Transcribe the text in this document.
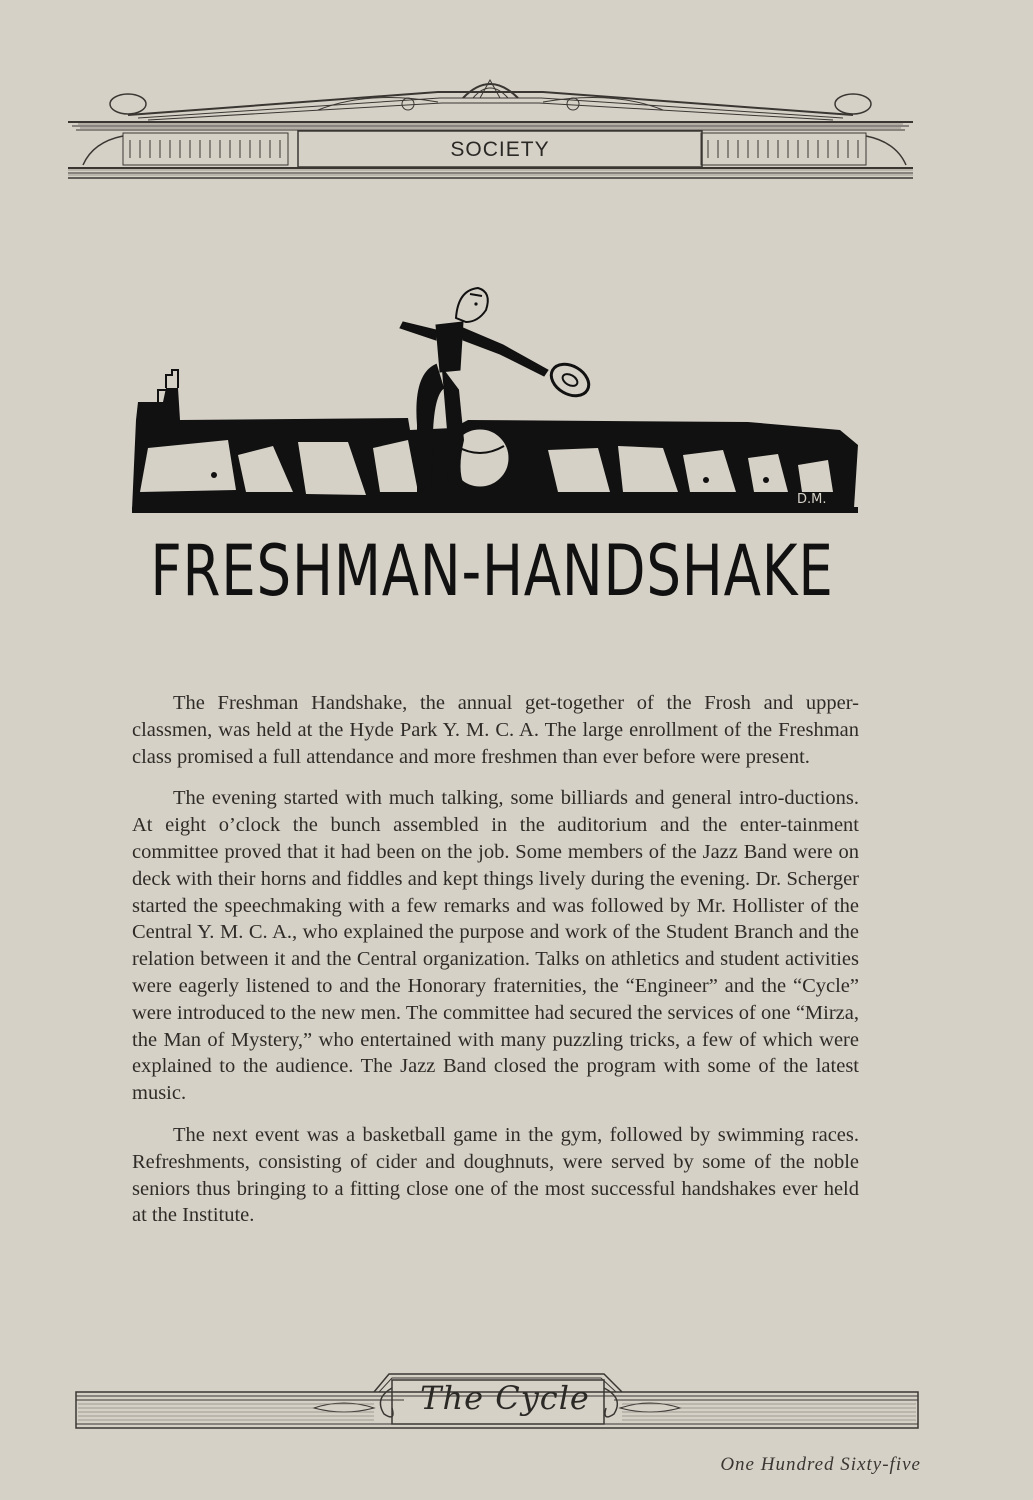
SOCIETY
FRESHMAN-HANDSHAKE
D.M.

The Freshman Handshake, the annual get-together of the Frosh and upper-classmen, was held at the Hyde Park Y. M. C. A. The large enrollment of the Freshman class promised a full attendance and more freshmen than ever before were present.

The evening started with much talking, some billiards and general intro-ductions. At eight o’clock the bunch assembled in the auditorium and the enter-tainment committee proved that it had been on the job. Some members of the Jazz Band were on deck with their horns and fiddles and kept things lively during the evening. Dr. Scherger started the speechmaking with a few remarks and was followed by Mr. Hollister of the Central Y. M. C. A., who explained the purpose and work of the Student Branch and the relation between it and the Central organization. Talks on athletics and student activities were eagerly listened to and the Honorary fraternities, the “Engineer” and the “Cycle” were introduced to the new men. The committee had secured the services of one “Mirza, the Man of Mystery,” who entertained with many puzzling tricks, a few of which were explained to the audience. The Jazz Band closed the program with some of the latest music.

The next event was a basketball game in the gym, followed by swimming races. Refreshments, consisting of cider and doughnuts, were served by some of the noble seniors thus bringing to a fitting close one of the most successful handshakes ever held at the Institute.

The Cycle
One Hundred Sixty-five
